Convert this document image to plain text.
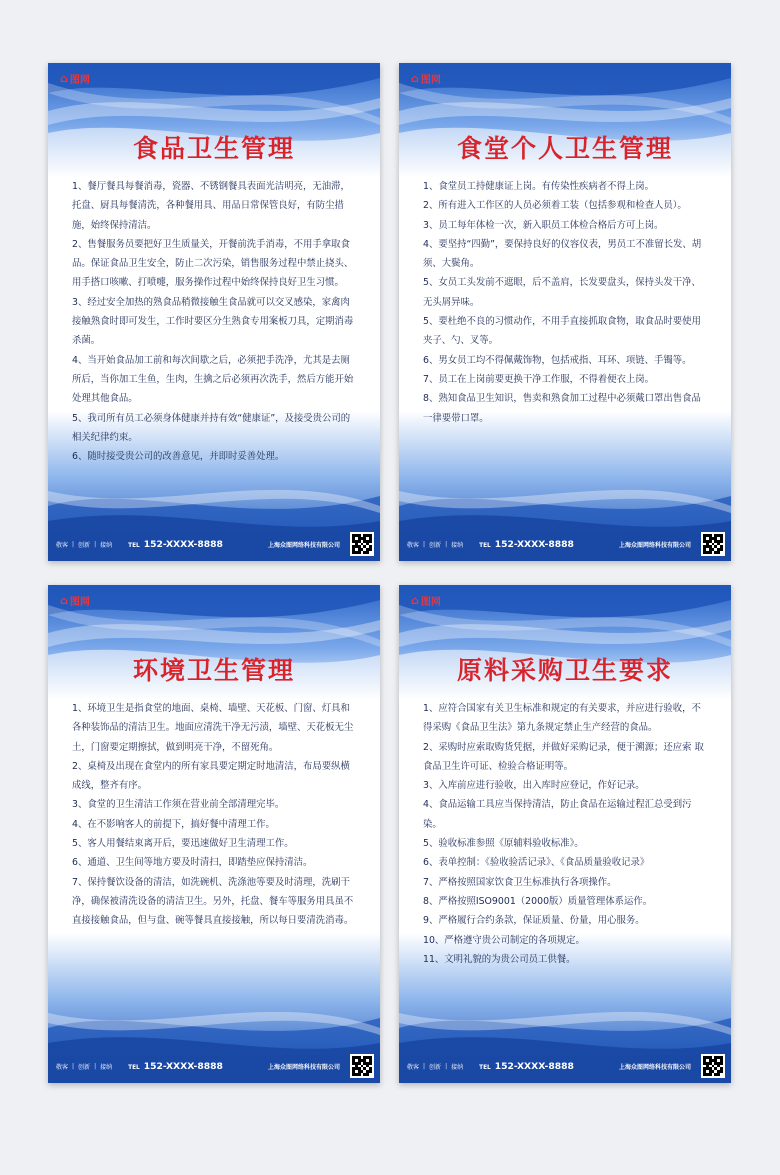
⌂ 图网
食品卫生管理

1、餐厅餐具每餐消毒，瓷器、不锈钢餐具表面光洁明亮，无油滞，托盘、厨具每餐清洗，各种餐用具、用品日常保管良好，有防尘措施，始终保持清洁。

2、售餐服务员要把好卫生质量关，开餐前洗手消毒，不用手拿取食品。保证食品卫生安全，防止二次污染，销售服务过程中禁止挠头、用手搭口咳嗽、打喷嚏，服务操作过程中始终保持良好卫生习惯。

3、经过安全加热的熟食品稍微接触生食品就可以交叉感染，家禽肉接触熟食时即可发生，工作时要区分生熟食专用案板刀具，定期消毒杀菌。

4、当开始食品加工前和每次间歇之后，必须把手洗净，尤其是去厕所后，当你加工生鱼，生肉，生擒之后必须再次洗手，然后方能开始处理其他食品。

5、我司所有员工必须身体健康并持有效“健康证”，及接受贵公司的相关纪律约束。

6、随时接受贵公司的改善意见，并即时妥善处理。

敬客 | 创新 | 接纳	TEL 152-XXXX-8888	上海众图网络科技有限公司
⌂ 图网
食堂个人卫生管理

1、食堂员工持健康证上岗。有传染性疾病者不得上岗。

2、所有进入工作区的人员必须着工装（包括参观和检查人员）。

3、员工每年体检一次，新入职员工体检合格后方可上岗。

4、要坚持“四勤”，要保持良好的仪容仪表，男员工不准留长发、胡须、大鬓角。

5、女员工头发前不遮眼，后不盖肩，长发要盘头，保持头发干净、无头屑异味。

5、要杜绝不良的习惯动作，不用手直接抓取食物，取食品时要使用夹子、勺、叉等。

6、男女员工均不得佩戴饰物，包括戒指、耳环、项链、手镯等。

7、员工在上岗前要更换干净工作服，不得着便衣上岗。

8、熟知食品卫生知识，售卖和熟食加工过程中必须戴口罩出售食品一律要带口罩。

敬客 | 创新 | 接纳	TEL 152-XXXX-8888	上海众图网络科技有限公司
⌂ 图网
环境卫生管理

1、环境卫生是指食堂的地面、桌椅、墙壁、天花板、门窗、灯具和各种装饰品的清洁卫生。地面应清洗干净无污渍，墙壁、天花板无尘土，门窗要定期擦拭，做到明亮干净，不留死角。

2、桌椅及出现在食堂内的所有家具要定期定时地清洁，布局要纵横成线，整齐有序。

3、食堂的卫生清洁工作须在营业前全部清理完毕。

4、在不影响客人的前提下，搞好餐中清理工作。

5、客人用餐结束离开后，要迅速做好卫生清理工作。

6、通道、卫生间等地方要及时清扫，即踏垫应保持清洁。

7、保持餐饮设备的清洁，如洗碗机、洗涤池等要及时清理，洗刷干净，确保被清洗设备的清洁卫生。另外，托盘、餐车等服务用具虽不直接接触食品，但与盘、碗等餐具直接接触，所以每日要清洗消毒。

敬客 | 创新 | 接纳	TEL 152-XXXX-8888	上海众图网络科技有限公司
⌂ 图网
原料采购卫生要求

1、应符合国家有关卫生标准和规定的有关要求，并应进行验收，不得采购《食品卫生法》第九条规定禁止生产经营的食品。

2、采购时应索取购货凭据，并做好采购记录，便于溯源；还应索 取食品卫生许可证、检验合格证明等。

3、入库前应进行验收，出入库时应登记，作好记录。

4、食品运输工具应当保持清洁，防止食品在运输过程汇总受到污染。

5、验收标准参照《原辅料验收标准》。

6、表单控制：《验收验活记录》、《食品质量验收记录》

7、严格按照国家饮食卫生标准执行各项操作。

8、严格按照ISO9001（2000版）质量管理体系运作。

9、严格履行合约条款，保证质量、份量，用心服务。

10、严格遵守贵公司制定的各项规定。

11、文明礼貌的为贵公司员工供餐。

敬客 | 创新 | 接纳	TEL 152-XXXX-8888	上海众图网络科技有限公司
